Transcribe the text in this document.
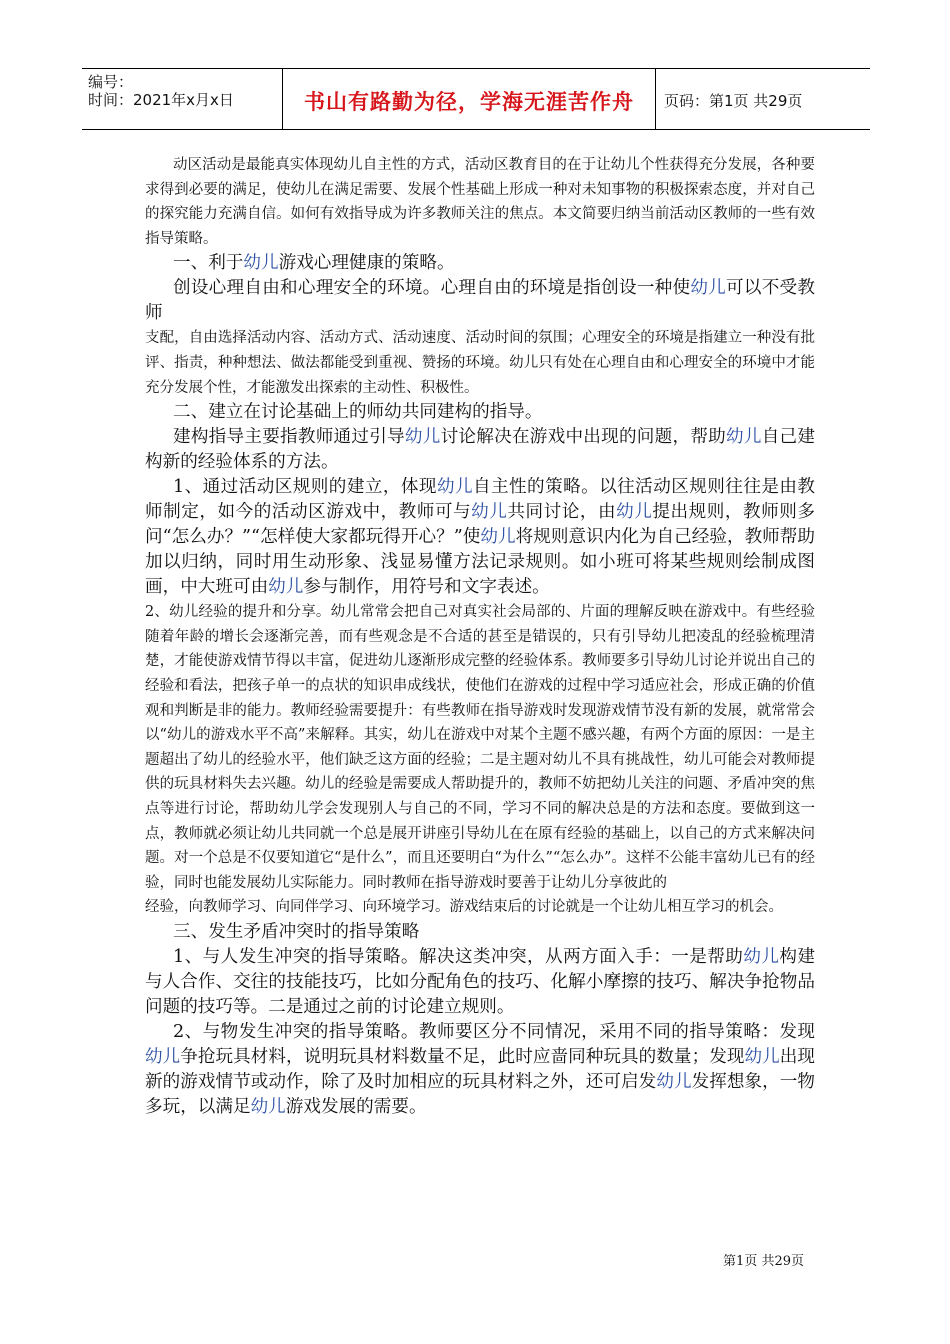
编号：
时间：2021年x月x日	书山有路勤为径，学海无涯苦作舟	页码：第1页 共29页

动区活动是最能真实体现幼儿自主性的方式，活动区教育目的在于让幼儿个性获得充分发展，各种要求得到必要的满足，使幼儿在满足需要、发展个性基础上形成一种对未知事物的积极探索态度，并对自己的探究能力充满自信。如何有效指导成为许多教师关注的焦点。本文简要归纳当前活动区教师的一些有效指导策略。

一、利于幼儿游戏心理健康的策略。

创设心理自由和心理安全的环境。心理自由的环境是指创设一种使幼儿可以不受教师

支配，自由选择活动内容、活动方式、活动速度、活动时间的氛围；心理安全的环境是指建立一种没有批评、指责，种种想法、做法都能受到重视、赞扬的环境。幼儿只有处在心理自由和心理安全的环境中才能充分发展个性，才能激发出探索的主动性、积极性。

二、建立在讨论基础上的师幼共同建构的指导。

建构指导主要指教师通过引导幼儿讨论解决在游戏中出现的问题，帮助幼儿自己建构新的经验体系的方法。

1、通过活动区规则的建立，体现幼儿自主性的策略。以往活动区规则往往是由教师制定，如今的活动区游戏中，教师可与幼儿共同讨论，由幼儿提出规则，教师则多问“怎么办？”“怎样使大家都玩得开心？”使幼儿将规则意识内化为自己经验，教师帮助加以归纳，同时用生动形象、浅显易懂方法记录规则。如小班可将某些规则绘制成图画，中大班可由幼儿参与制作，用符号和文字表述。

2、幼儿经验的提升和分享。幼儿常常会把自己对真实社会局部的、片面的理解反映在游戏中。有些经验随着年龄的增长会逐渐完善，而有些观念是不合适的甚至是错误的，只有引导幼儿把凌乱的经验梳理清楚，才能使游戏情节得以丰富，促进幼儿逐渐形成完整的经验体系。教师要多引导幼儿讨论并说出自己的经验和看法，把孩子单一的点状的知识串成线状，使他们在游戏的过程中学习适应社会，形成正确的价值观和判断是非的能力。教师经验需要提升：有些教师在指导游戏时发现游戏情节没有新的发展，就常常会以“幼儿的游戏水平不高”来解释。其实，幼儿在游戏中对某个主题不感兴趣，有两个方面的原因：一是主题超出了幼儿的经验水平，他们缺乏这方面的经验；二是主题对幼儿不具有挑战性，幼儿可能会对教师提供的玩具材料失去兴趣。幼儿的经验是需要成人帮助提升的，教师不妨把幼儿关注的问题、矛盾冲突的焦点等进行讨论，帮助幼儿学会发现别人与自己的不同，学习不同的解决总是的方法和态度。要做到这一点，教师就必须让幼儿共同就一个总是展开讲座引导幼儿在在原有经验的基础上，以自己的方式来解决问题。对一个总是不仅要知道它“是什么”，而且还要明白“为什么”“怎么办”。这样不公能丰富幼儿已有的经验，同时也能发展幼儿实际能力。同时教师在指导游戏时要善于让幼儿分享彼此的

经验，向教师学习、向同伴学习、向环境学习。游戏结束后的讨论就是一个让幼儿相互学习的机会。

三、发生矛盾冲突时的指导策略

1、与人发生冲突的指导策略。解决这类冲突，从两方面入手：一是帮助幼儿构建与人合作、交往的技能技巧，比如分配角色的技巧、化解小摩擦的技巧、解决争抢物品问题的技巧等。二是通过之前的讨论建立规则。

2、与物发生冲突的指导策略。教师要区分不同情况，采用不同的指导策略：发现幼儿争抢玩具材料，说明玩具材料数量不足，此时应啬同种玩具的数量；发现幼儿出现新的游戏情节或动作，除了及时加相应的玩具材料之外，还可启发幼儿发挥想象，一物多玩，以满足幼儿游戏发展的需要。

第1页 共29页
